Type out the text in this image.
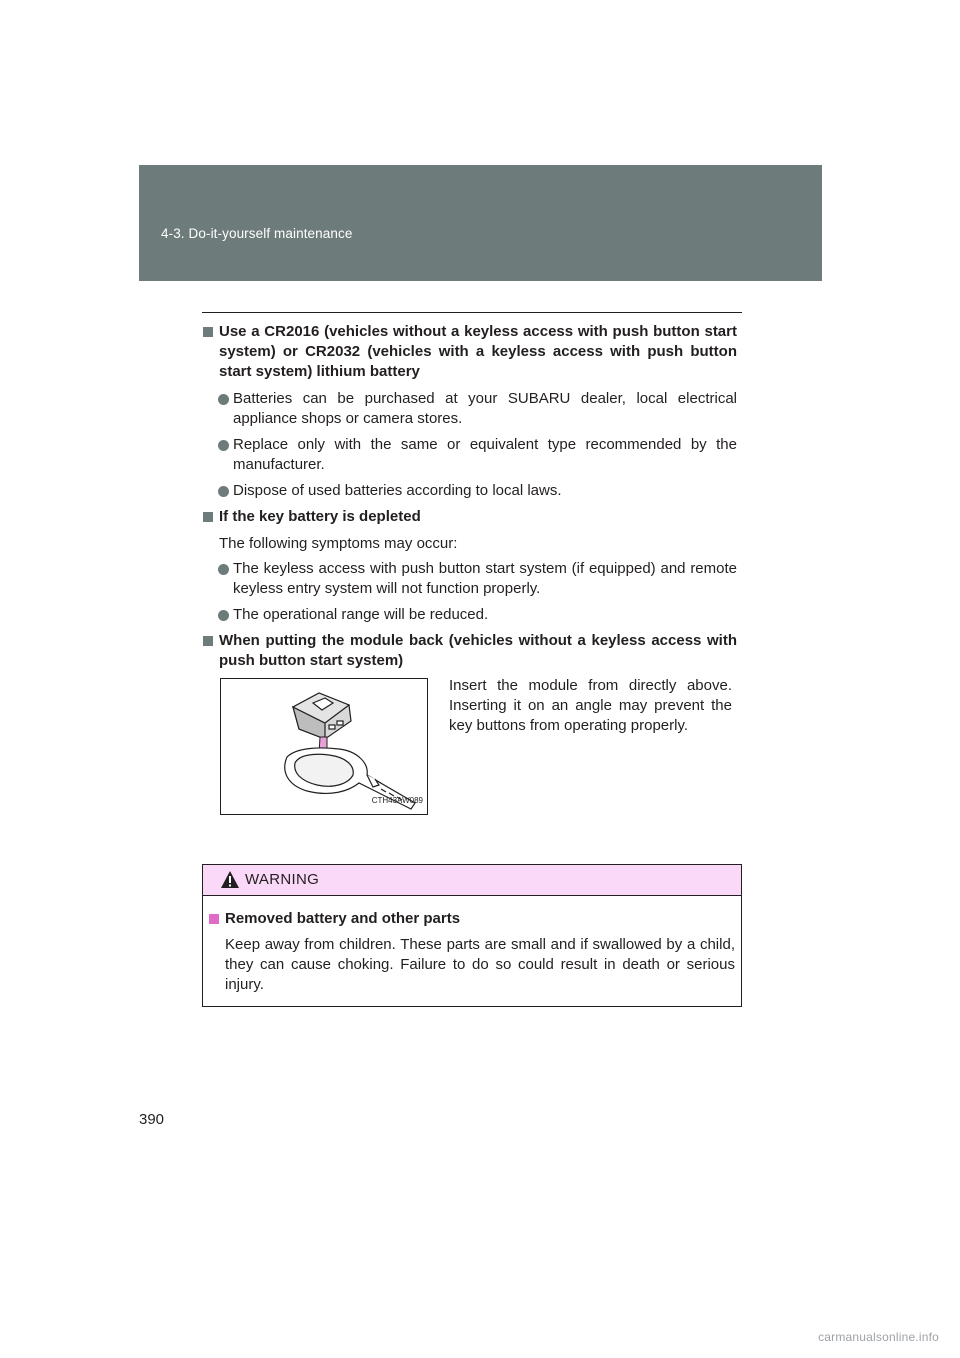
4-3. Do-it-yourself maintenance
Use a CR2016 (vehicles without a keyless access with push button start system) or CR2032 (vehicles with a keyless access with push button start system) lithium battery
Batteries can be purchased at your SUBARU dealer, local electrical appliance shops or camera stores.
Replace only with the same or equivalent type recommended by the manufacturer.
Dispose of used batteries according to local laws.
If the key battery is depleted
The following symptoms may occur:
The keyless access with push button start system (if equipped) and remote keyless entry system will not function properly.
The operational range will be reduced.
When putting the module back (vehicles without a keyless access with push button start system)
CTH43AW089
Insert the module from directly above. Inserting it on an angle may prevent the key buttons from operating properly.
WARNING
Removed battery and other parts
Keep away from children. These parts are small and if swallowed by a child, they can cause choking. Failure to do so could result in death or serious injury.
390
carmanualsonline.info
